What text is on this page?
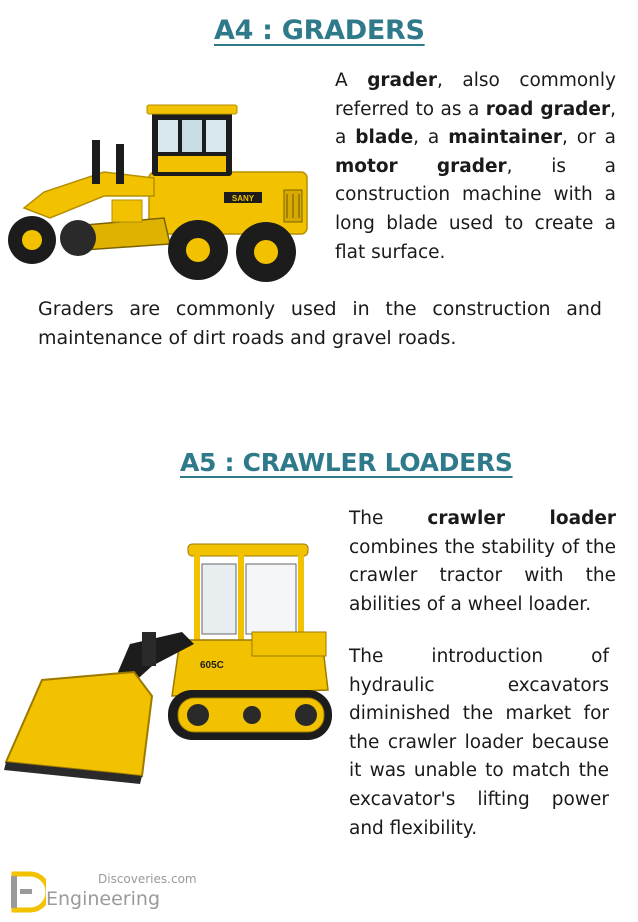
A4 : GRADERS
SANY

A grader, also commonly referred to as a road grader, a blade, a maintainer, or a motor grader, is a construction machine with a long blade used to create a flat surface.

Graders are commonly used in the construction and maintenance of dirt roads and gravel roads.

A5 : CRAWLER LOADERS
605C

The crawler loader combines the stability of the crawler tractor with the abilities of a wheel loader.

The introduction of hydraulic excavators diminished the market for the crawler loader because it was unable to match the excavator's lifting power and flexibility.

Discoveries.com
Engineering
